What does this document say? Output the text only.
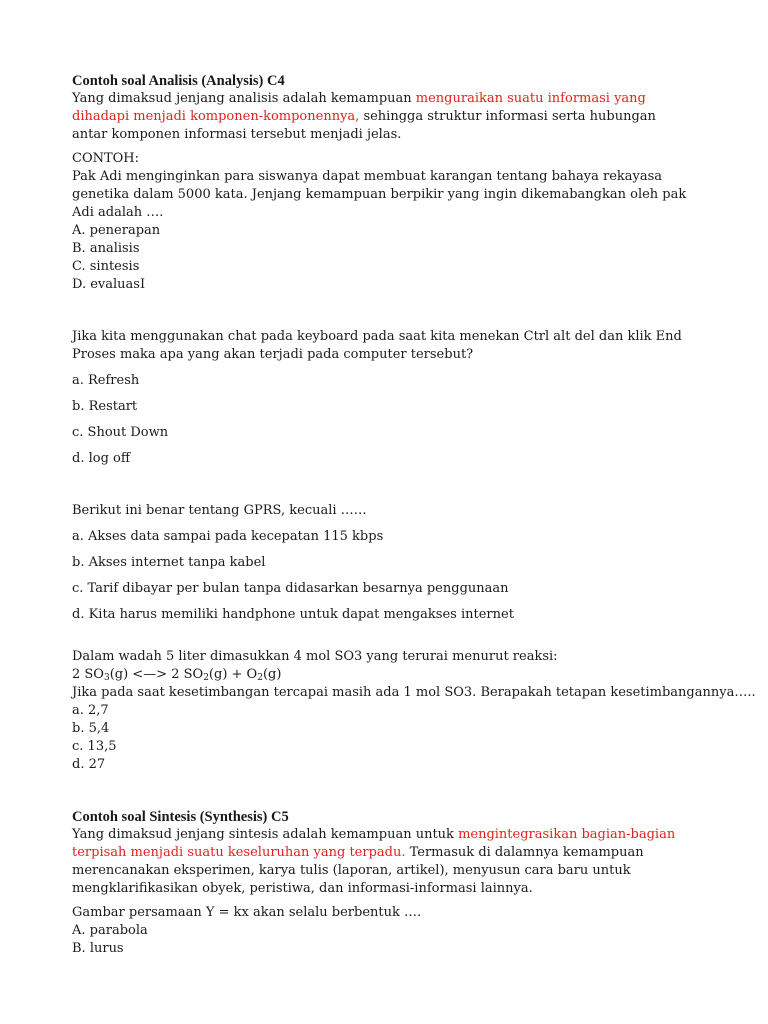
Contoh soal Analisis (Analysis) C4

Yang dimaksud jenjang analisis adalah kemampuan menguraikan suatu informasi yang dihadapi menjadi komponen-komponennya, sehingga struktur informasi serta hubungan antar komponen informasi tersebut menjadi jelas.

CONTOH:

Pak Adi menginginkan para siswanya dapat membuat karangan tentang bahaya rekayasa genetika dalam 5000 kata. Jenjang kemampuan berpikir yang ingin dikemabangkan oleh pak Adi adalah ….

A. penerapan

B. analisis

C. sintesis

D. evaluasI

Jika kita menggunakan chat pada keyboard pada saat kita menekan Ctrl alt del dan klik End Proses maka apa yang akan terjadi pada computer tersebut?

a. Refresh

b. Restart

c. Shout Down

d. log off

Berikut ini benar tentang GPRS, kecuali ……

a. Akses data sampai pada kecepatan 115 kbps

b. Akses internet tanpa kabel

c. Tarif dibayar per bulan tanpa didasarkan besarnya penggunaan

d. Kita harus memiliki handphone untuk dapat mengakses internet

Dalam wadah 5 liter dimasukkan 4 mol SO3 yang terurai menurut reaksi:

2 $SO_3(g)$ <—> 2 $SO_2(g) + O_2(g)$

Jika pada saat kesetimbangan tercapai masih ada 1 mol SO3. Berapakah tetapan kesetimbangannya…..

a. 2,7

b. 5,4

c. 13,5

d. 27

Contoh soal Sintesis (Synthesis) C5

Yang dimaksud jenjang sintesis adalah kemampuan untuk mengintegrasikan bagian-bagian terpisah menjadi suatu keseluruhan yang terpadu. Termasuk di dalamnya kemampuan merencanakan eksperimen, karya tulis (laporan, artikel), menyusun cara baru untuk mengklarifikasikan obyek, peristiwa, dan informasi-informasi lainnya.

Gambar persamaan Y = kx akan selalu berbentuk ….

A. parabola

B. lurus
